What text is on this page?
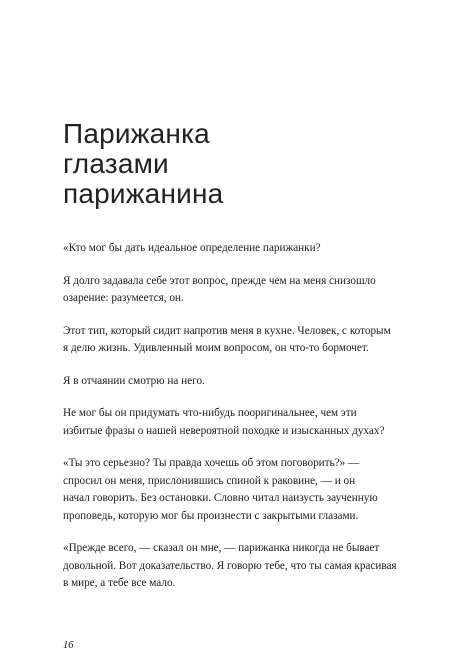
Парижанка
глазами
парижанина

«Кто мог бы дать идеальное определение парижанки?

Я долго задавала себе этот вопрос, прежде чем на меня снизошло
озарение: разумеется, он.

Этот тип, который сидит напротив меня в кухне. Человек, с которым
я делю жизнь. Удивленный моим вопросом, он что-то бормочет.

Я в отчаянии смотрю на него.

Не мог бы он придумать что-нибудь пооригинальнее, чем эти
избитые фразы о нашей невероятной походке и изысканных духах?

«Ты это серьезно? Ты правда хочешь об этом поговорить?» —
спросил он меня, прислонившись спиной к раковине, — и он
начал говорить. Без остановки. Словно читал наизусть заученную
проповедь, которую мог бы произнести с закрытыми глазами.

«Прежде всего, — сказал он мне, — парижанка никогда не бывает
довольной. Вот доказательство. Я говорю тебе, что ты самая красивая
в мире, а тебе все мало.

16
